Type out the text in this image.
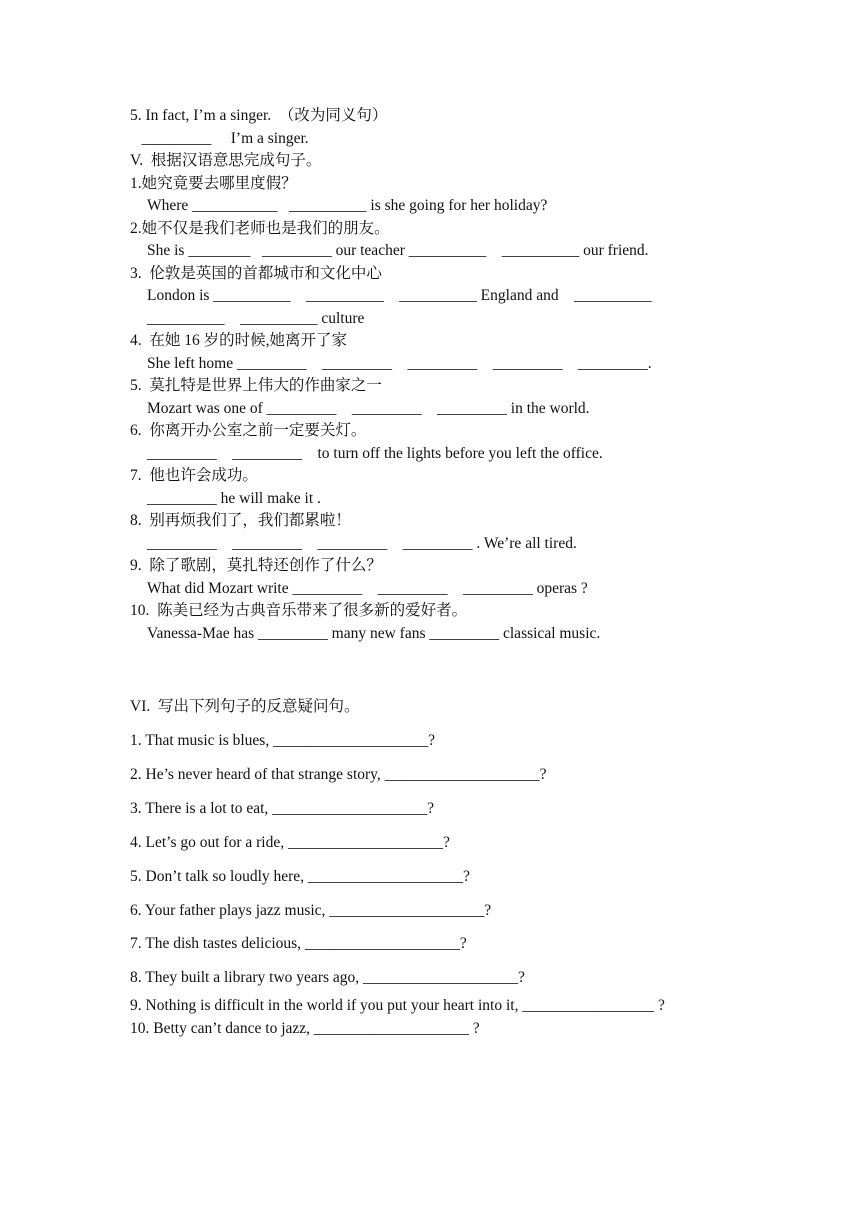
5. In fact, I’m a singer.  （改为同义句）
_________     I’m a singer.
V.  根据汉语意思完成句子。
1.她究竟要去哪里度假？
Where ___________   __________ is she going for her holiday?
2.她不仅是我们老师也是我们的朋友。
She is ________   _________ our teacher __________    __________ our friend.
3.  伦敦是英国的首都城市和文化中心
London is __________    __________    __________ England and    __________
__________    __________ culture
4.  在她 16 岁的时候,她离开了家
She left home _________    _________    _________    _________    _________.
5.  莫扎特是世界上伟大的作曲家之一
Mozart was one of _________    _________    _________ in the world.
6.  你离开办公室之前一定要关灯。
_________    _________    to turn off the lights before you left the office.
7.  他也许会成功。
_________ he will make it .
8.  别再烦我们了，我们都累啦！
_________    _________    _________    _________ . We’re all tired.
9.  除了歌剧，莫扎特还创作了什么？
What did Mozart write _________    _________    _________ operas ?
10.  陈美已经为古典音乐带来了很多新的爱好者。
Vanessa-Mae has _________ many new fans _________ classical music.
VI.  写出下列句子的反意疑问句。
1. That music is blues, ____________________?
2. He’s never heard of that strange story, ____________________?
3. There is a lot to eat, ____________________?
4. Let’s go out for a ride, ____________________?
5. Don’t talk so loudly here, ____________________?
6. Your father plays jazz music, ____________________?
7. The dish tastes delicious, ____________________?
8. They built a library two years ago, ____________________?
9. Nothing is difficult in the world if you put your heart into it, _________________ ?
10. Betty can’t dance to jazz, ____________________ ?
